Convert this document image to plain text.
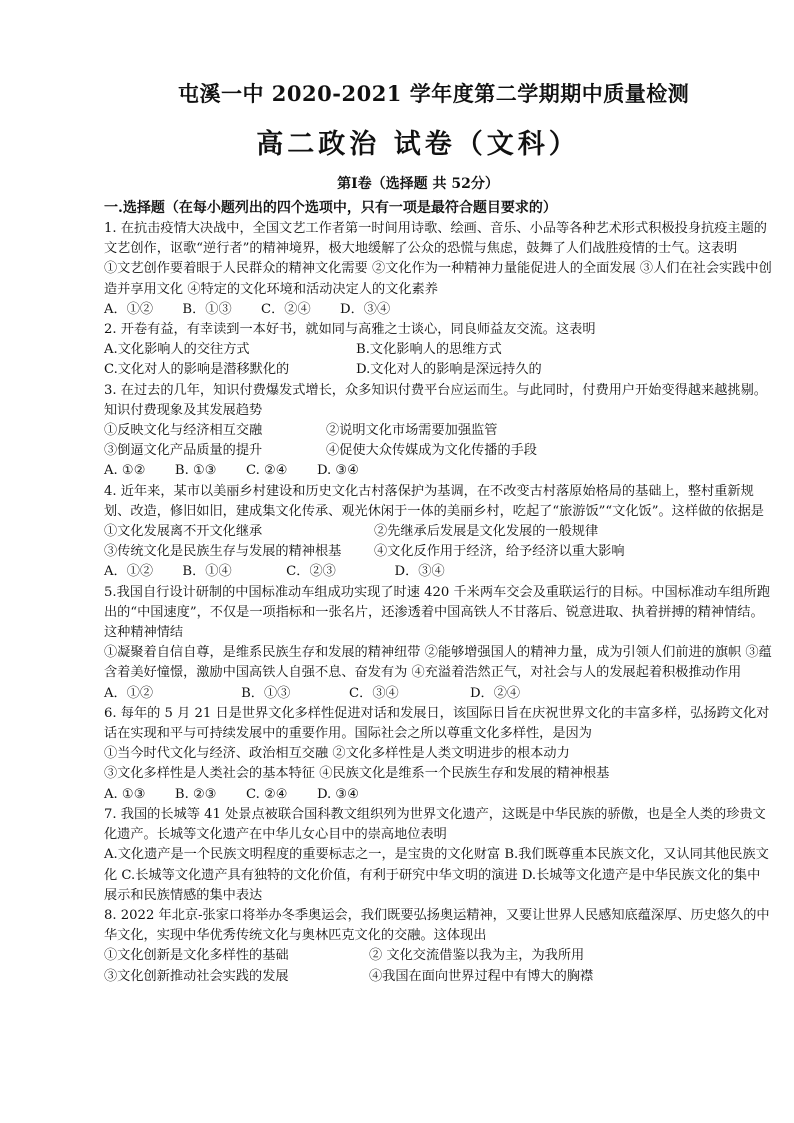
屯溪一中 2020-2021 学年度第二学期期中质量检测
高二政治 试卷（文科）
第Ⅰ卷（选择题 共 52分）
一.选择题（在每小题列出的四个选项中，只有一项是最符合题目要求的）

1. 在抗击疫情大决战中，全国文艺工作者第一时间用诗歌、绘画、音乐、小品等各种艺术形式积极投身抗疫主题的文艺创作，讴歌“逆行者”的精神境界，极大地缓解了公众的恐慌与焦虑，鼓舞了人们战胜疫情的士气。这表明

①文艺创作要着眼于人民群众的精神文化需要 ②文化作为一种精神力量能促进人的全面发展 ③人们在社会实践中创造并享用文化 ④特定的文化环境和活动决定人的文化素养
A．①②       B．①③       C．②④       D．③④

2. 开卷有益，有幸读到一本好书，就如同与高雅之士谈心，同良师益友交流。这表明

A.文化影响人的交往方式	B.文化影响人的思维方式
C.文化对人的影响是潜移默化的	D.文化对人的影响是深远持久的

3. 在过去的几年，知识付费爆发式增长，众多知识付费平台应运而生。与此同时，付费用户开始变得越来越挑剔。知识付费现象及其发展趋势

①反映文化与经济相互交融	②说明文化市场需要加强监管
③倒逼文化产品质量的提升	④促使大众传媒成为文化传播的手段
A. ①②       B. ①③       C. ②④       D. ③④

4. 近年来，某市以美丽乡村建设和历史文化古村落保护为基调，在不改变古村落原始格局的基础上，整村重新规划、改造，修旧如旧，建成集文化传承、观光休闲于一体的美丽乡村，吃起了“旅游饭”“文化饭”。这样做的依据是

①文化发展离不开文化继承	②先继承后发展是文化发展的一般规律
③传统文化是民族生存与发展的精神根基	④文化反作用于经济，给予经济以重大影响
A．①②       B．①④             C．②③              D．③④

5.我国自行设计研制的中国标准动车组成功实现了时速 420 千米两车交会及重联运行的目标。中国标准动车组所跑出的“中国速度”，不仅是一项指标和一张名片，还渗透着中国高铁人不甘落后、锐意进取、执着拼搏的精神情结。这种精神情结

①凝聚着自信自尊，是维系民族生存和发展的精神纽带 ②能够增强国人的精神力量，成为引领人们前进的旗帜 ③蕴含着美好憧憬，激励中国高铁人自强不息、奋发有为 ④充溢着浩然正气，对社会与人的发展起着积极推动作用
A．①②                     B．①③              C．③④                 D．②④

6. 每年的 5 月 21 日是世界文化多样性促进对话和发展日，该国际日旨在庆祝世界文化的丰富多样，弘扬跨文化对话在实现和平与可持续发展中的重要作用。国际社会之所以尊重文化多样性，是因为

①当今时代文化与经济、政治相互交融 ②文化多样性是人类文明进步的根本动力
③文化多样性是人类社会的基本特征 ④民族文化是维系一个民族生存和发展的精神根基
A. ①③       B. ②③       C. ②④       D. ③④

7. 我国的长城等 41 处景点被联合国科教文组织列为世界文化遗产，这既是中华民族的骄傲，也是全人类的珍贵文化遗产。长城等文化遗产在中华儿女心目中的崇高地位表明

A.文化遗产是一个民族文明程度的重要标志之一，是宝贵的文化财富 B.我们既尊重本民族文化，又认同其他民族文化 C.长城等文化遗产具有独特的文化价值，有利于研究中华文明的演进 D.长城等文化遗产是中华民族文化的集中展示和民族情感的集中表达

8. 2022 年北京-张家口将举办冬季奥运会，我们既要弘扬奥运精神，又要让世界人民感知底蕴深厚、历史悠久的中华文化，实现中华优秀传统文化与奥林匹克文化的交融。这体现出

①文化创新是文化多样性的基础	② 文化交流借鉴以我为主，为我所用
③文化创新推动社会实践的发展	④我国在面向世界过程中有博大的胸襟
